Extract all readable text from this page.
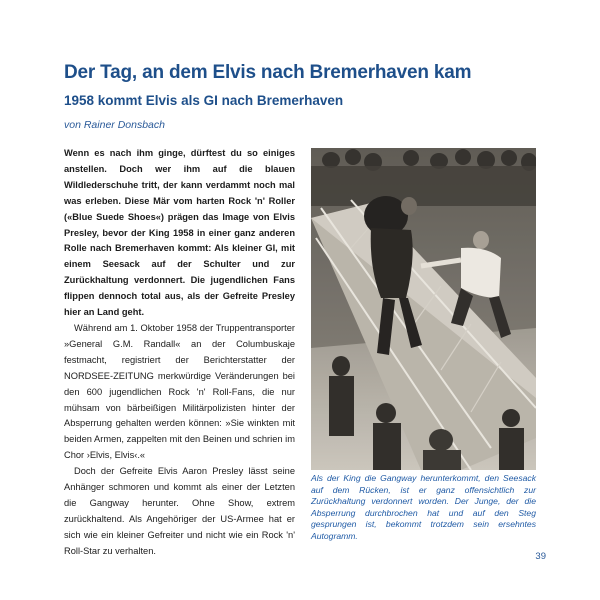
Der Tag, an dem Elvis nach Bremerhaven kam
1958 kommt Elvis als GI nach Bremerhaven
von Rainer Donsbach

Wenn es nach ihm ginge, dürftest du so einiges anstellen. Doch wer ihm auf die blauen Wildlederschuhe tritt, der kann verdammt noch mal was erleben. Diese Mär vom harten Rock 'n' Roller («Blue Suede Shoes«) prägen das Image von Elvis Presley, bevor der King 1958 in einer ganz anderen Rolle nach Bremerhaven kommt: Als kleiner GI, mit einem Seesack auf der Schulter und zur Zurückhaltung verdonnert. Die jugendlichen Fans flippen dennoch total aus, als der Gefreite Presley hier an Land geht.

Während am 1. Oktober 1958 der Truppentransporter »General G.M. Randall« an der Columbuskaje festmacht, registriert der Berichterstatter der NORDSEE-ZEITUNG merkwürdige Veränderungen bei den 600 jugendlichen Rock 'n' Roll-Fans, die nur mühsam von bärbeißigen Militärpolizisten hinter der Absperrung gehalten werden können: »Sie winkten mit beiden Armen, zappelten mit den Beinen und schrien im Chor ›Elvis, Elvis‹.«

Doch der Gefreite Elvis Aaron Presley lässt seine Anhänger schmoren und kommt als einer der Letzten die Gangway herunter. Ohne Show, extrem zurückhaltend. Als Angehöriger der US-Armee hat er sich wie ein kleiner Gefreiter und nicht wie ein Rock 'n' Roll-Star zu verhalten.

Als der King die Gangway herunterkommt, den Seesack auf dem Rücken, ist er ganz offensichtlich zur Zurückhaltung verdonnert worden. Der Junge, der die Absperrung durchbrochen hat und auf den Steg gesprungen ist, bekommt trotzdem sein ersehntes Autogramm.
39
